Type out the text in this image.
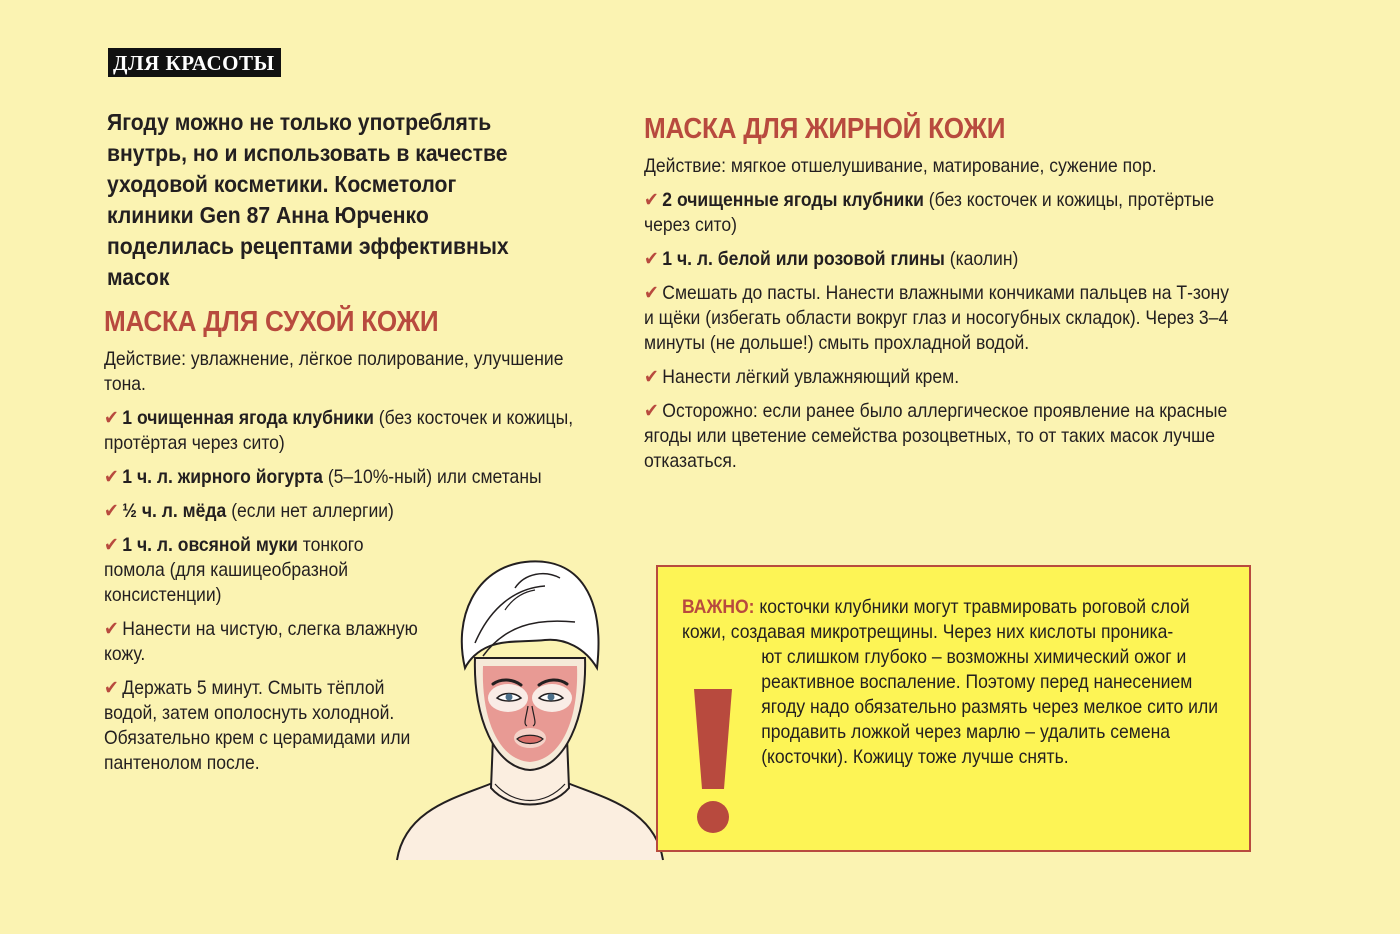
ДЛЯ КРАСОТЫ

Ягоду можно не только употреблять внутрь, но и использовать в качестве уходовой косметики. Косметолог клиники Gen 87 Анна Юрченко поделилась рецептами эффективных масок

МАСКА ДЛЯ СУХОЙ КОЖИ

Действие: увлажнение, лёгкое полирование, улучшение тона.

✔ 1 очищенная ягода клубники (без косточек и кожицы, протёртая через сито)

✔ 1 ч. л. жирного йогурта (5–10%-ный) или сметаны

✔ ½ ч. л. мёда (если нет аллергии)

✔ 1 ч. л. овсяной муки тонкого помола (для кашицеобразной консистенции)

✔ Нанести на чистую, слегка влажную кожу.

✔ Держать 5 минут. Смыть тёплой водой, затем ополоснуть холодной. Обязательно крем с церамидами или пантенолом после.

МАСКА ДЛЯ ЖИРНОЙ КОЖИ

Действие: мягкое отшелушивание, матирование, сужение пор.

✔ 2 очищенные ягоды клубники (без косточек и кожицы, протёртые через сито)

✔ 1 ч. л. белой или розовой глины (каолин)

✔ Смешать до пасты. Нанести влажными кончиками пальцев на Т-зону и щёки (избегать области вокруг глаз и носогубных складок). Через 3–4 минуты (не дольше!) смыть прохладной водой.

✔ Нанести лёгкий увлажняющий крем.

✔ Осторожно: если ранее было аллергическое проявление на красные ягоды или цветение семейства розоцветных, то от таких масок лучше отказаться.

ВАЖНО: косточки клубники могут травмировать роговой слой кожи, создавая микротрещины. Через них кислоты проника-
ют слишком глубоко – возможны химический ожог и реактивное воспаление. Поэтому перед нанесением ягоду надо обязательно размять через мелкое сито или продавить ложкой через марлю – удалить семена (косточки). Кожицу тоже лучше снять.
